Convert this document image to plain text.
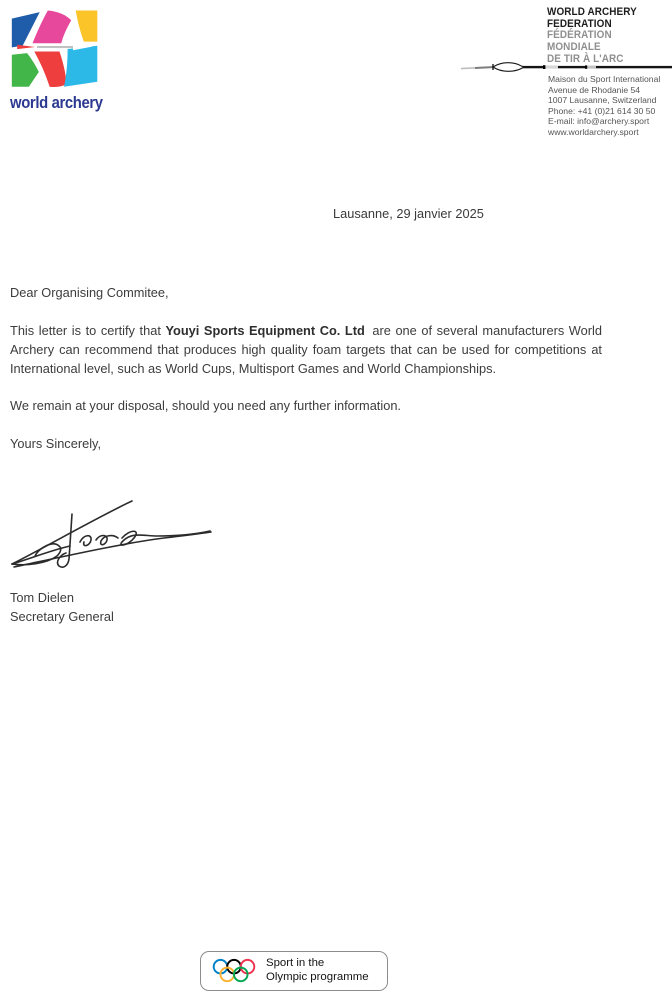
world archery
WORLD ARCHERY
FEDERATION
FÉDÉRATION
MONDIALE
DE TIR À L'ARC
Maison du Sport International
Avenue de Rhodanie 54
1007 Lausanne, Switzerland
Phone: +41 (0)21 614 30 50
E-mail: info@archery.sport
www.worldarchery.sport
Lausanne, 29 janvier 2025

Dear Organising Commitee,

This letter is to certify that Youyi Sports Equipment Co. Ltd are one of several manufacturers World Archery can recommend that produces high quality foam targets that can be used for competitions at International level, such as World Cups, Multisport Games and World Championships.

We remain at your disposal, should you need any further information.

Yours Sincerely,

Tom Dielen
Secretary General
Sport in the
Olympic programme
